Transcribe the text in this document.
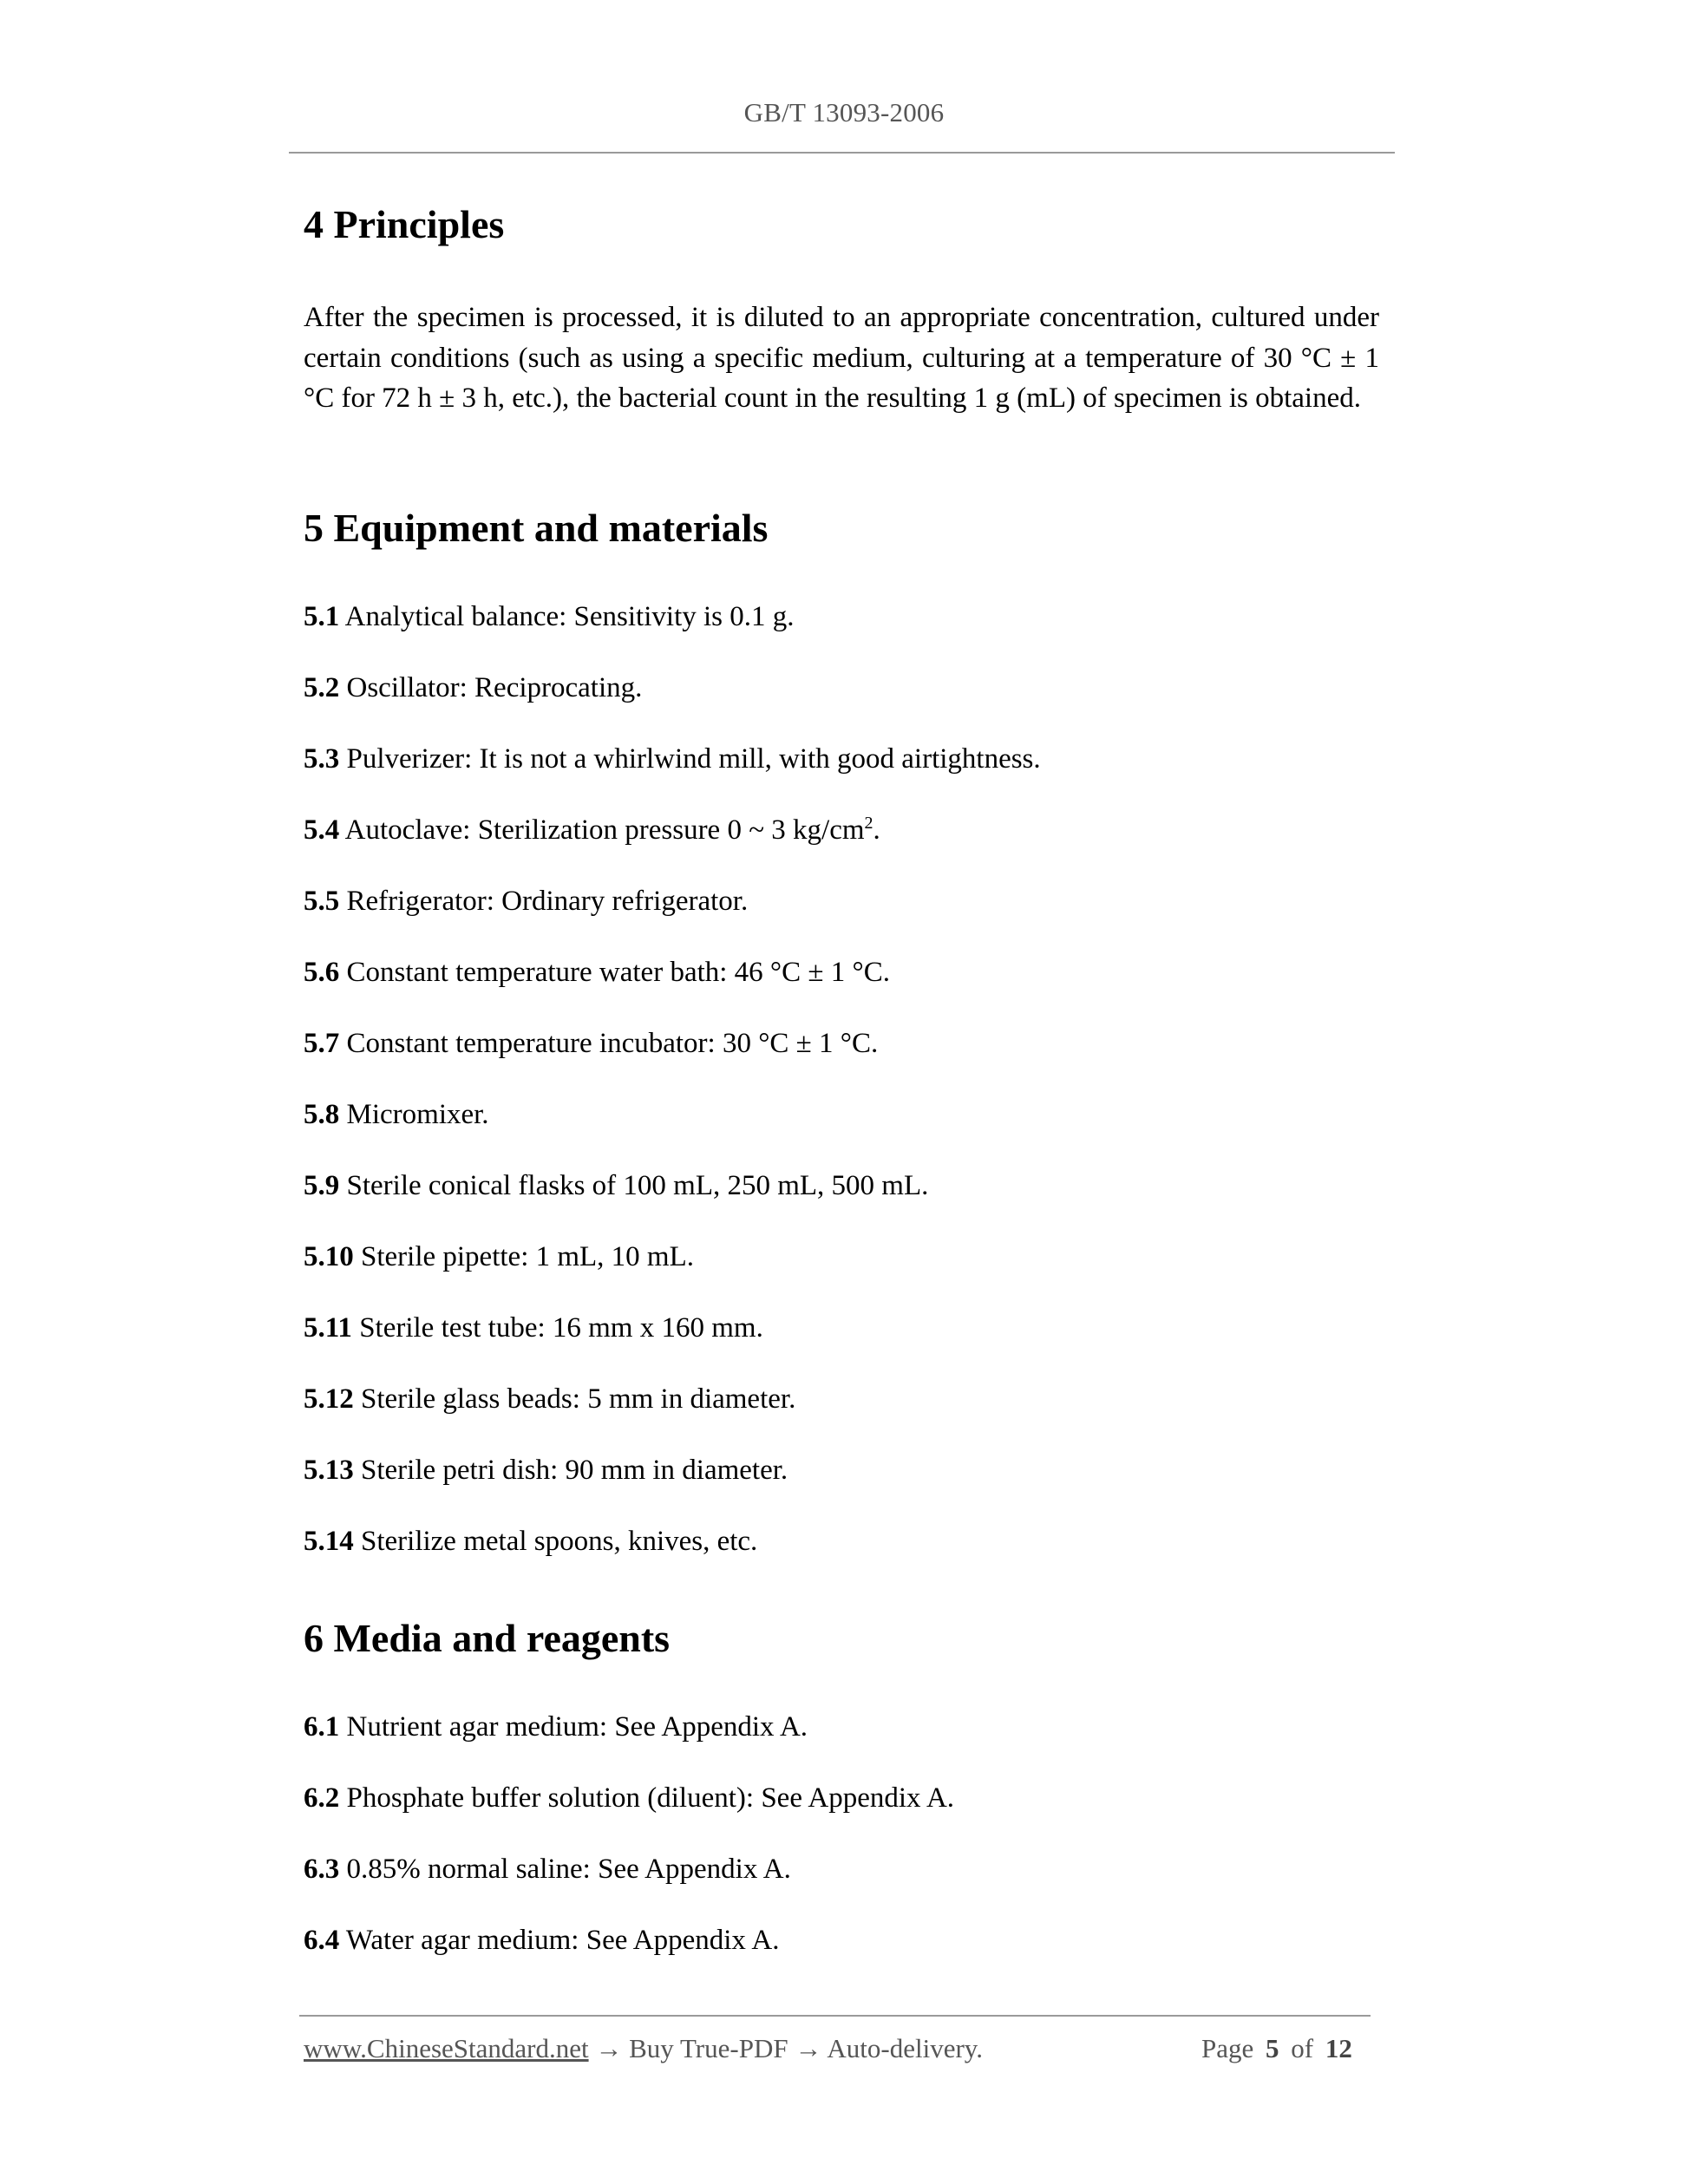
GB/T 13093-2006
4 Principles
After the specimen is processed, it is diluted to an appropriate concentration, cultured under certain conditions (such as using a specific medium, culturing at a temperature of 30 °C ± 1 °C for 72 h ± 3 h, etc.), the bacterial count in the resulting 1 g (mL) of specimen is obtained.
5 Equipment and materials
5.1 Analytical balance: Sensitivity is 0.1 g.
5.2 Oscillator: Reciprocating.
5.3 Pulverizer: It is not a whirlwind mill, with good airtightness.
5.4 Autoclave: Sterilization pressure 0 ~ 3 $kg/cm^2$.
5.5 Refrigerator: Ordinary refrigerator.
5.6 Constant temperature water bath: 46 °C ± 1 °C.
5.7 Constant temperature incubator: 30 °C ± 1 °C.
5.8 Micromixer.
5.9 Sterile conical flasks of 100 mL, 250 mL, 500 mL.
5.10 Sterile pipette: 1 mL, 10 mL.
5.11 Sterile test tube: 16 mm x 160 mm.
5.12 Sterile glass beads: 5 mm in diameter.
5.13 Sterile petri dish: 90 mm in diameter.
5.14 Sterilize metal spoons, knives, etc.
6 Media and reagents
6.1 Nutrient agar medium: See Appendix A.
6.2 Phosphate buffer solution (diluent): See Appendix A.
6.3 0.85% normal saline: See Appendix A.
6.4 Water agar medium: See Appendix A.
www.ChineseStandard.net → Buy True-PDF → Auto-delivery.	Page 5 of 12
